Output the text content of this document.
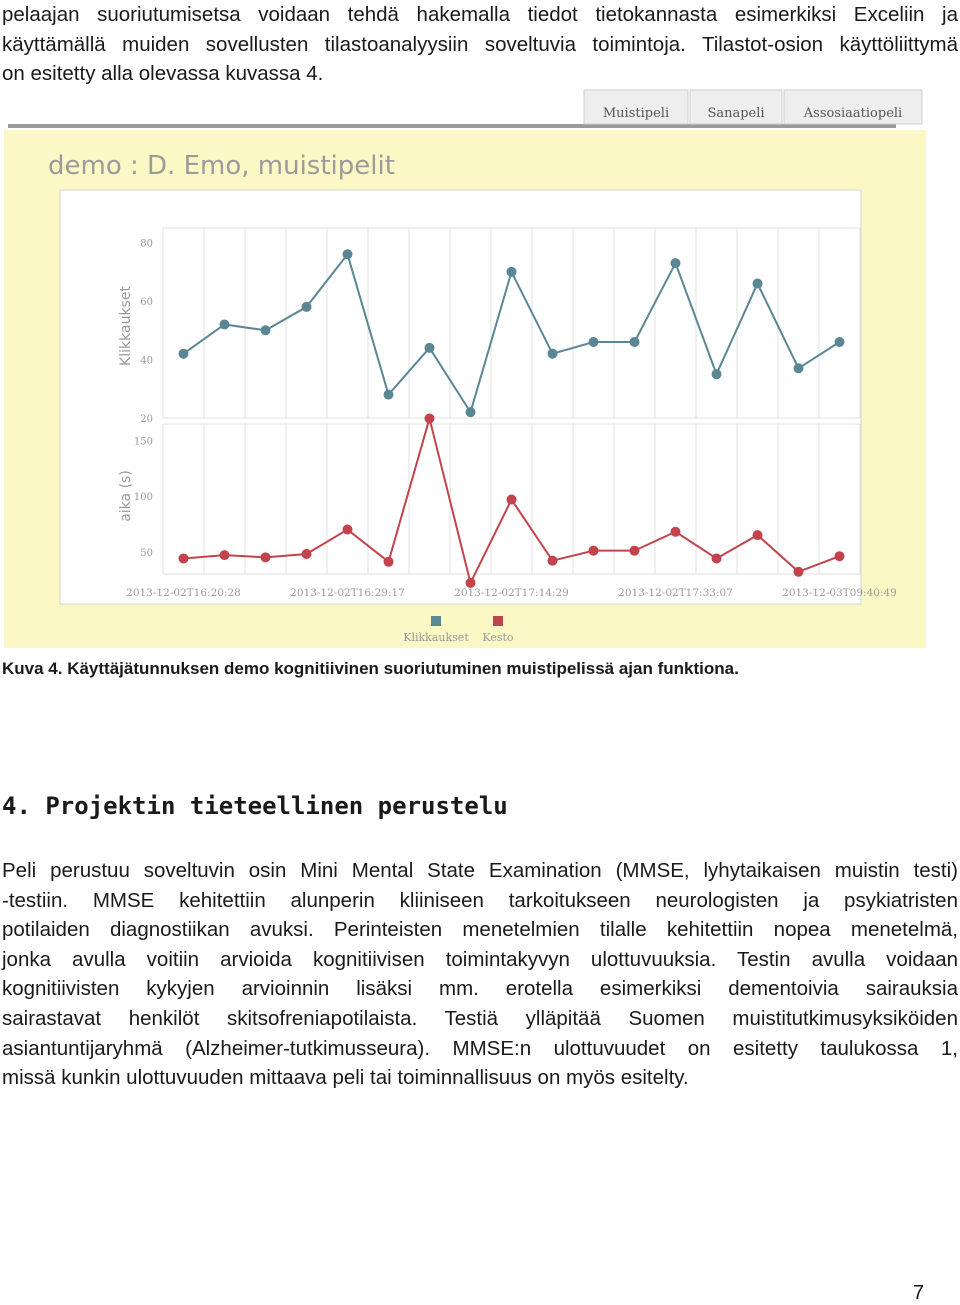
pelaajan suoriutumisetsa voidaan tehdä hakemalla tiedot tietokannasta esimerkiksi Exceliin ja
käyttämällä muiden sovellusten tilastoanalyysiin soveltuvia toimintoja. Tilastot-osion käyttöliittymä
on esitetty alla olevassa kuvassa 4.
Muistipeli	Sanapeli	Assosiaatiopeli
demo : D. Emo, muistipelit
20
40
60
80
Klikkaukset
50
100
150
aika (s)
2013-12-02T16:20:28	2013-12-02T16:29:17	2013-12-02T17:14:29	2013-12-02T17:33:07	2013-12-03T09:40:49
Klikkaukset Kesto
Kuva 4. Käyttäjätunnuksen demo kognitiivinen suoriutuminen muistipelissä ajan funktiona.
4. Projektin tieteellinen perustelu
Peli perustuu soveltuvin osin Mini Mental State Examination (MMSE, lyhytaikaisen muistin testi)
-testiin. MMSE kehitettiin alunperin kliiniseen tarkoitukseen neurologisten ja psykiatristen
potilaiden diagnostiikan avuksi. Perinteisten menetelmien tilalle kehitettiin nopea menetelmä,
jonka avulla voitiin arvioida kognitiivisen toimintakyvyn ulottuvuuksia. Testin avulla voidaan
kognitiivisten kykyjen arvioinnin lisäksi mm. erotella esimerkiksi dementoivia sairauksia
sairastavat henkilöt skitsofreniapotilaista. Testiä ylläpitää Suomen muistitutkimusyksiköiden
asiantuntijaryhmä (Alzheimer-tutkimusseura). MMSE:n ulottuvuudet on esitetty taulukossa 1,
missä kunkin ulottuvuuden mittaava peli tai toiminnallisuus on myös esitelty.
7
